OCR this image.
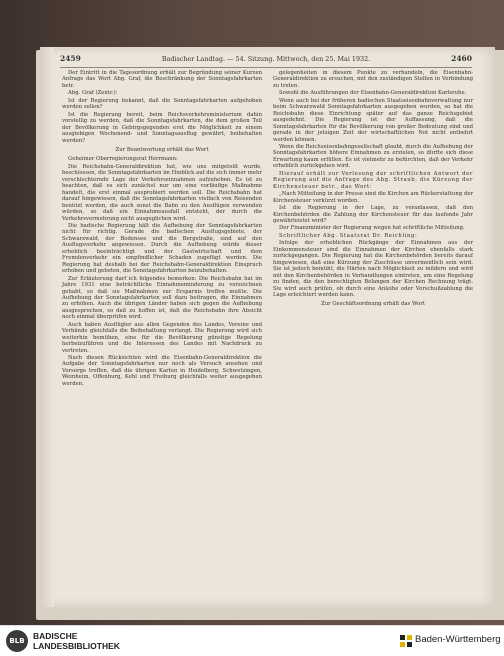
2459	Badischer Landtag. — 54. Sitzung. Mittwoch, den 25. Mai 1932.	2460

Der Eintritt in die Tagesordnung erhält zur Begründung seiner Kurzen Anfrage das Wort Abg. Graf, die Beschränkung der Sonntagsfahrkarten betr.

Abg. Graf (Zentr.):

Ist der Regierung bekannt, daß die Sonntagsfahrkarten aufgehoben werden sollen?

Ist die Regierung bereit, beim Reichsverkehrsministerium dahin vorstellig zu werden, daß die Sonntagsfahrkarten, die dem großen Teil der Bevölkerung in Gebirgsgegenden erst die Möglichkeit zu einem ausgiebigen Wochenend- und Sonntagsausflug gewährt, beibehalten werden?

Zur Beantwortung erhält das Wort

Geheimer Oberregierungsrat Herrmann:

Die Reichsbahn-Generaldirektion hat, wie uns mitgeteilt wurde, beschlossen, die Sonntagsfahrkarten im Hinblick auf die sich immer mehr verschlechternde Lage der Verkehrseinnahmen aufzuheben. Es ist zu beachten, daß es sich zunächst nur um eine vorläufige Maßnahme handelt, die erst einmal ausprobiert werden soll. Die Reichsbahn hat darauf hingewiesen, daß die Sonntagsfahrkarten vielfach von Reisenden benützt werden, die auch sonst die Bahn zu den Ausflügen verwenden würden, so daß ein Einnahmeausfall entsteht, der durch die Verkehrsvermehrung nicht ausgeglichen wird.

Die badische Regierung hält die Aufhebung der Sonntagsfahrkarten nicht für richtig. Gerade die badischen Ausflugsgebiete, der Schwarzwald, der Bodensee und die Bergstraße, sind auf den Ausflugsverkehr angewiesen. Durch die Aufhebung würde dieser erheblich beeinträchtigt und der Gastwirtschaft und dem Fremdenverkehr ein empfindlicher Schaden zugefügt werden. Die Regierung hat deshalb bei der Reichsbahn-Generaldirektion Einspruch erhoben und gebeten, die Sonntagsfahrkarten beizubehalten.

Zur Erläuterung darf ich folgendes bemerken: Die Reichsbahn hat im Jahre 1931 eine beträchtliche Einnahmeminderung zu verzeichnen gehabt, so daß sie Maßnahmen zur Ersparnis treffen mußte. Die Aufhebung der Sonntagsfahrkarten soll dazu beitragen, die Einnahmen zu erhöhen. Auch die übrigen Länder haben sich gegen die Aufhebung ausgesprochen, so daß zu hoffen ist, daß die Reichsbahn ihre Absicht noch einmal überprüfen wird.

Auch haben Ausflügler aus allen Gegenden des Landes, Vereine und Verbände gleichfalls die Beibehaltung verlangt. Die Regierung wird sich weiterhin bemühen, eine für die Bevölkerung günstige Regelung herbeizuführen und die Interessen des Landes mit Nachdruck zu vertreten.

Nach diesen Rücksichten wird die Eisenbahn-Generaldirektion die Aufgabe der Sonntagsfahrkarten nur noch als Versuch ansehen und Vorsorge treffen, daß die übrigen Karten in Heidelberg, Schwetzingen, Weinheim, Offenburg, Kehl und Freiburg gleichfalls weiter ausgegeben werden.

gelegenheiten in diesem Punkte zu verhandeln, die Eisenbahn-Generaldirektion zu ersuchen, mit den zuständigen Stellen in Verbindung zu treten.

Sowohl die Ausführungen der Eisenbahn-Generaldirektion Karlsruhe.

Wenn auch bei der früheren badischen Staatseisenbahnverwaltung nur beim Schwarzwald Sonntagsfahrkarten ausgegeben wurden, so hat die Reichsbahn diese Einrichtung später auf das ganze Reichsgebiet ausgedehnt. Die Regierung ist der Auffassung, daß die Sonntagsfahrkarten für die Bevölkerung von großer Bedeutung sind und gerade in der jetzigen Zeit der wirtschaftlichen Not nicht entbehrt werden können.

Wenn die Reichseisenbahngesellschaft glaubt, durch die Aufhebung der Sonntagsfahrkarten höhere Einnahmen zu erzielen, so dürfte sich diese Erwartung kaum erfüllen. Es ist vielmehr zu befürchten, daß der Verkehr erheblich zurückgehen wird.

Hierauf erhält zur Verlesung der schriftlichen Antwort der Regierung auf die Anfrage des Abg. Straub, die Kürzung der Kirchensteuer betr., das Wort:

„Nach Mitteilung in der Presse sind die Kirchen am Rückerstattung der Kirchensteuer verkürzt worden.

Ist die Regierung in der Lage, zu veranlassen, daß den Kirchenbehörden die Zahlung der Kirchensteuer für das laufende Jahr gewährleistet wird?

Der Finanzminister der Regierung wegen hat schriftliche Mitteilung.

Schriftlicher Abg. Staatsrat Dr. Reichling:

Infolge der erheblichen Rückgänge der Einnahmen aus der Einkommensteuer sind die Einnahmen der Kirchen ebenfalls stark zurückgegangen. Die Regierung hat die Kirchenbehörden bereits darauf hingewiesen, daß eine Kürzung der Zuschüsse unvermeidlich sein wird. Sie ist jedoch bemüht, die Härten nach Möglichkeit zu mildern und wird mit den Kirchenbehörden in Verhandlungen eintreten, um eine Regelung zu finden, die den berechtigten Belangen der Kirchen Rechnung trägt. Sie wird auch prüfen, ob durch eine Anleihe oder Vorschußzahlung die Lage erleichtert werden kann.

Zur Geschäftsordnung erhält das Wort

BLB BADISCHE
LANDESBIBLIOTHEK
Baden-Württemberg
